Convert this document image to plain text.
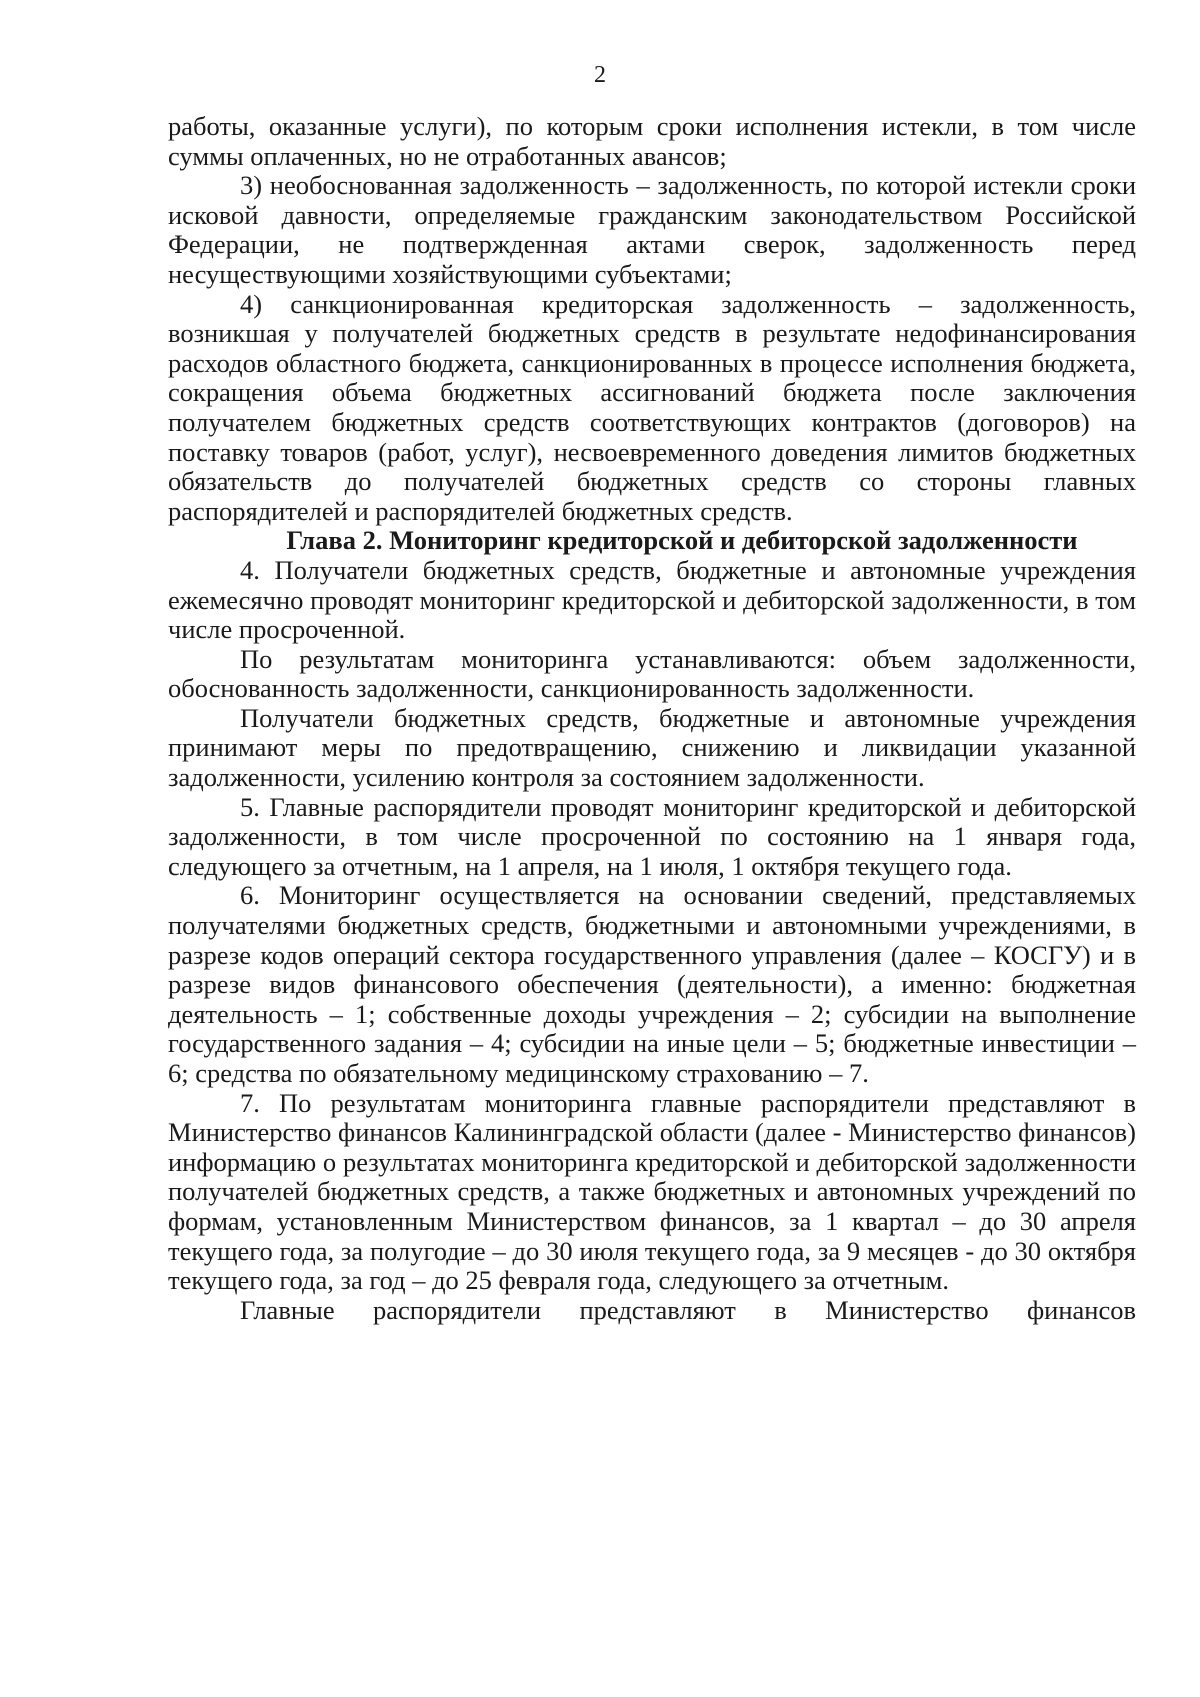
2

работы, оказанные услуги), по которым сроки исполнения истекли, в том числе суммы оплаченных, но не отработанных авансов;

3) необоснованная задолженность – задолженность, по которой истекли сроки исковой давности, определяемые гражданским законодательством Российской Федерации, не подтвержденная актами сверок, задолженность перед несуществующими хозяйствующими субъектами;

4) санкционированная кредиторская задолженность – задолженность, возникшая у получателей бюджетных средств в результате недофинансирования расходов областного бюджета, санкционированных в процессе исполнения бюджета, сокращения объема бюджетных ассигнований бюджета после заключения получателем бюджетных средств соответствующих контрактов (договоров) на поставку товаров (работ, услуг), несвоевременного доведения лимитов бюджетных обязательств до получателей бюджетных средств со стороны главных распорядителей и распорядителей бюджетных средств.

Глава 2. Мониторинг кредиторской и дебиторской задолженности

4. Получатели бюджетных средств, бюджетные и автономные учреждения ежемесячно проводят мониторинг кредиторской и дебиторской задолженности, в том числе просроченной.

По результатам мониторинга устанавливаются: объем задолженности, обоснованность задолженности, санкционированность задолженности.

Получатели бюджетных средств, бюджетные и автономные учреждения принимают меры по предотвращению, снижению и ликвидации указанной задолженности, усилению контроля за состоянием задолженности.

5. Главные распорядители проводят мониторинг кредиторской и дебиторской задолженности, в том числе просроченной по состоянию на 1 января года, следующего за отчетным, на 1 апреля, на 1 июля, 1 октября текущего года.

6. Мониторинг осуществляется на основании сведений, представляемых получателями бюджетных средств, бюджетными и автономными учреждениями, в разрезе кодов операций сектора государственного управления (далее – КОСГУ) и в разрезе видов финансового обеспечения (деятельности), а именно: бюджетная деятельность – 1; собственные доходы учреждения – 2; субсидии на выполнение государственного задания – 4; субсидии на иные цели – 5; бюджетные инвестиции – 6; средства по обязательному медицинскому страхованию – 7.

7. По результатам мониторинга главные распорядители представляют в Министерство финансов Калининградской области (далее - Министерство финансов) информацию о результатах мониторинга кредиторской и дебиторской задолженности получателей бюджетных средств, а также бюджетных и автономных учреждений по формам, установленным Министерством финансов, за 1 квартал – до 30 апреля текущего года, за полугодие – до 30 июля текущего года, за 9 месяцев - до 30 октября текущего года, за год – до 25 февраля года, следующего за отчетным.

Главные распорядители представляют в Министерство финансов
